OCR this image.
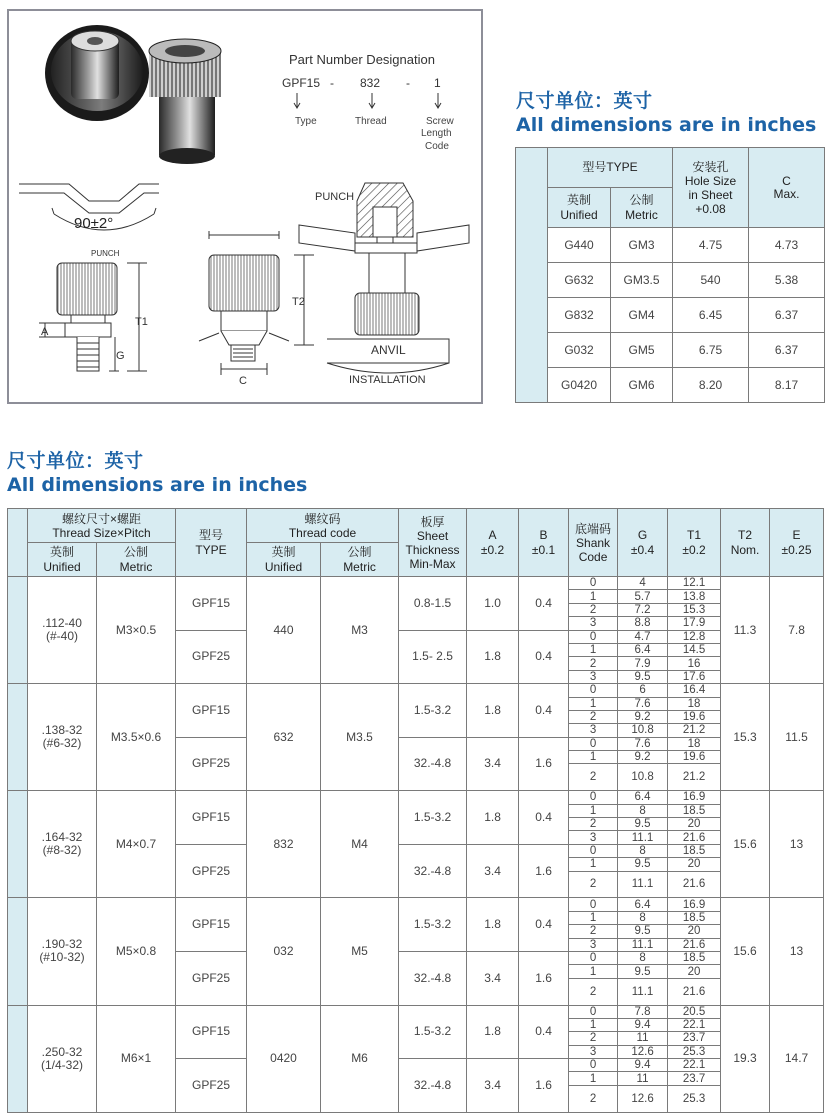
Part Number Designation
GPF15 - 832 - 1
Type	Thread	Screw
Length
Code
90±2°
PUNCH
A
G
T1
T2
C
PUNCH
ANVIL
INSTALLATION
尺寸单位：英寸
All dimensions are in inches
	型号TYPE		安装孔
Hole Size
in Sheet
+0.08	C
Max.
	英制
Unified	公制
Metric		
	G440	GM3	4.75	4.73
	G632	GM3.5	540	5.38
	G832	GM4	6.45	6.37
	G032	GM5	6.75	6.37
	G0420	GM6	8.20	8.17
尺寸单位：英寸
All dimensions are in inches
	螺纹尺寸×螺距
Thread Size×Pitch		型号
TYPE	螺纹码
Thread code		板厚
Sheet
Thickness
Min-Max	A
±0.2	B
±0.1	底端码
Shank
Code	G
±0.4	T1
±0.2	T2
Nom.	E
±0.25
	英制
Unified	公制
Metric		英制
Unified	公制
Metric								
	.112-40
(#-40)	M3×0.5	GPF15	440	M3	0.8-1.5	1.0	0.4	0	4	12.1	11.3	7.8
									1	5.7	13.8		
									2	7.2	15.3		
									3	8.8	17.9		
			GPF25			1.5- 2.5	1.8	0.4	0	4.7	12.8		
									1	6.4	14.5		
									2	7.9	16		
									3	9.5	17.6		
	.138-32
(#6-32)	M3.5×0.6	GPF15	632	M3.5	1.5-3.2	1.8	0.4	0	6	16.4	15.3	11.5
									1	7.6	18		
									2	9.2	19.6		
									3	10.8	21.2		
			GPF25			32.-4.8	3.4	1.6	0	7.6	18		
									1	9.2	19.6		
									2	10.8	21.2		

	.164-32
(#8-32)	M4×0.7	GPF15	832	M4	1.5-3.2	1.8	0.4	0	6.4	16.9	15.6	13
									1	8	18.5		
									2	9.5	20		
									3	11.1	21.6		
			GPF25			32.-4.8	3.4	1.6	0	8	18.5		
									1	9.5	20		
									2	11.1	21.6		

	.190-32
(#10-32)	M5×0.8	GPF15	032	M5	1.5-3.2	1.8	0.4	0	6.4	16.9	15.6	13
									1	8	18.5		
									2	9.5	20		
									3	11.1	21.6		
			GPF25			32.-4.8	3.4	1.6	0	8	18.5		
									1	9.5	20		
									2	11.1	21.6		

	.250-32
(1/4-32)	M6×1	GPF15	0420	M6	1.5-3.2	1.8	0.4	0	7.8	20.5	19.3	14.7
									1	9.4	22.1		
									2	11	23.7		
									3	12.6	25.3		
			GPF25			32.-4.8	3.4	1.6	0	9.4	22.1		
									1	11	23.7		
									2	12.6	25.3		
